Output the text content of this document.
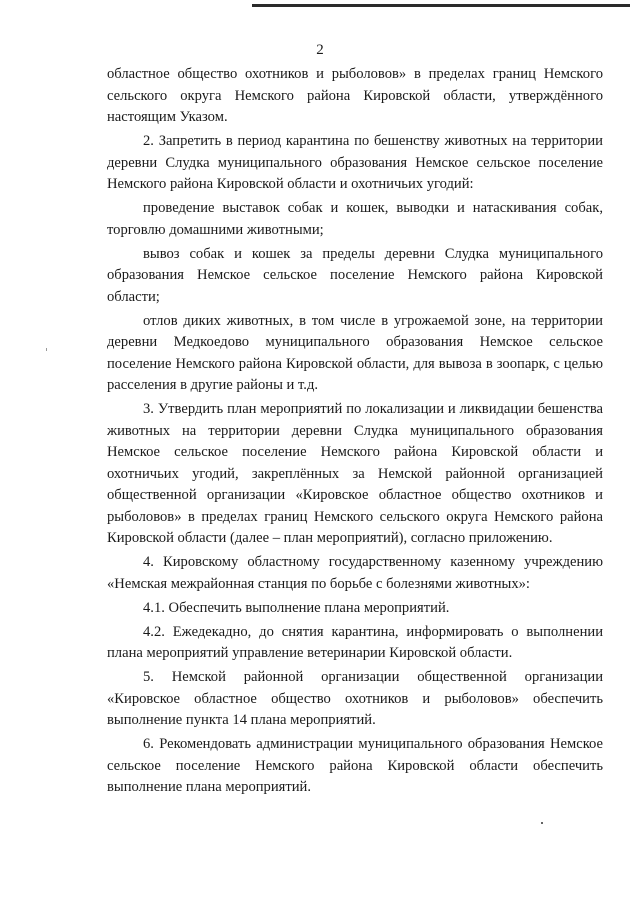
2

областное общество охотников и рыболовов» в пределах границ Немского сельского округа Немского района Кировской области, утверждённого настоящим Указом.

2. Запретить в период карантина по бешенству животных на территории деревни Слудка муниципального образования Немское сельское поселение Немского района Кировской области и охотничьих угодий:

проведение выставок собак и кошек, выводки и натаскивания собак, торговлю домашними животными;

вывоз собак и кошек за пределы деревни Слудка муниципального образования Немское сельское поселение Немского района Кировской области;

отлов диких животных, в том числе в угрожаемой зоне, на территории деревни Медкоедово муниципального образования Немское сельское поселение Немского района Кировской области, для вывоза в зоопарк, с целью расселения в другие районы и т.д.

3. Утвердить план мероприятий по локализации и ликвидации бешенства животных на территории деревни Слудка муниципального образования Немское сельское поселение Немского района Кировской области и охотничьих угодий, закреплённых за Немской районной организацией общественной организации «Кировское областное общество охотников и рыболовов» в пределах границ Немского сельского округа Немского района Кировской области (далее – план мероприятий), согласно приложению.

4. Кировскому областному государственному казенному учреждению «Немская межрайонная станция по борьбе с болезнями животных»:

4.1. Обеспечить выполнение плана мероприятий.

4.2. Ежедекадно, до снятия карантина, информировать о выполнении плана мероприятий управление ветеринарии Кировской области.

5. Немской районной организации общественной организации «Кировское областное общество охотников и рыболовов» обеспечить выполнение пункта 14 плана мероприятий.

6. Рекомендовать администрации муниципального образования Немское сельское поселение Немского района Кировской области обеспечить выполнение плана мероприятий.
